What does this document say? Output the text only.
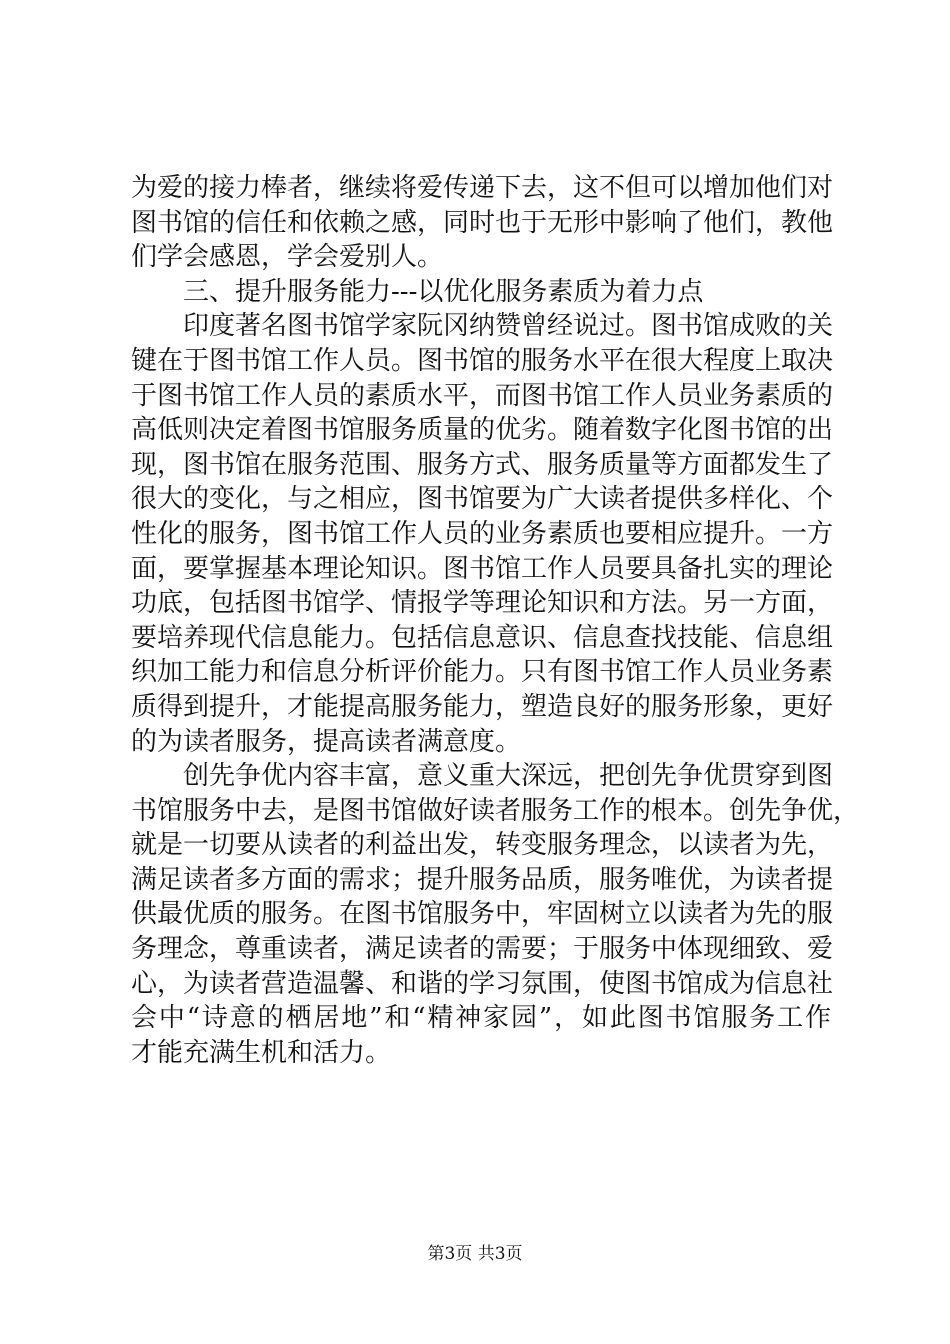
为爱的接力棒者，继续将爱传递下去，这不但可以增加他们对
图书馆的信任和依赖之感，同时也于无形中影响了他们，教他
们学会感恩，学会爱别人。
三、提升服务能力---以优化服务素质为着力点
印度著名图书馆学家阮冈纳赞曾经说过。图书馆成败的关
键在于图书馆工作人员。图书馆的服务水平在很大程度上取决
于图书馆工作人员的素质水平，而图书馆工作人员业务素质的
高低则决定着图书馆服务质量的优劣。随着数字化图书馆的出
现，图书馆在服务范围、服务方式、服务质量等方面都发生了
很大的变化，与之相应，图书馆要为广大读者提供多样化、个
性化的服务，图书馆工作人员的业务素质也要相应提升。一方
面，要掌握基本理论知识。图书馆工作人员要具备扎实的理论
功底，包括图书馆学、情报学等理论知识和方法。另一方面，
要培养现代信息能力。包括信息意识、信息查找技能、信息组
织加工能力和信息分析评价能力。只有图书馆工作人员业务素
质得到提升，才能提高服务能力，塑造良好的服务形象，更好
的为读者服务，提高读者满意度。
创先争优内容丰富，意义重大深远，把创先争优贯穿到图
书馆服务中去，是图书馆做好读者服务工作的根本。创先争优，
就是一切要从读者的利益出发，转变服务理念，以读者为先，
满足读者多方面的需求；提升服务品质，服务唯优，为读者提
供最优质的服务。在图书馆服务中，牢固树立以读者为先的服
务理念，尊重读者，满足读者的需要；于服务中体现细致、爱
心，为读者营造温馨、和谐的学习氛围，使图书馆成为信息社
会中“诗意的栖居地”和“精神家园”，如此图书馆服务工作
才能充满生机和活力。
第3页 共3页
